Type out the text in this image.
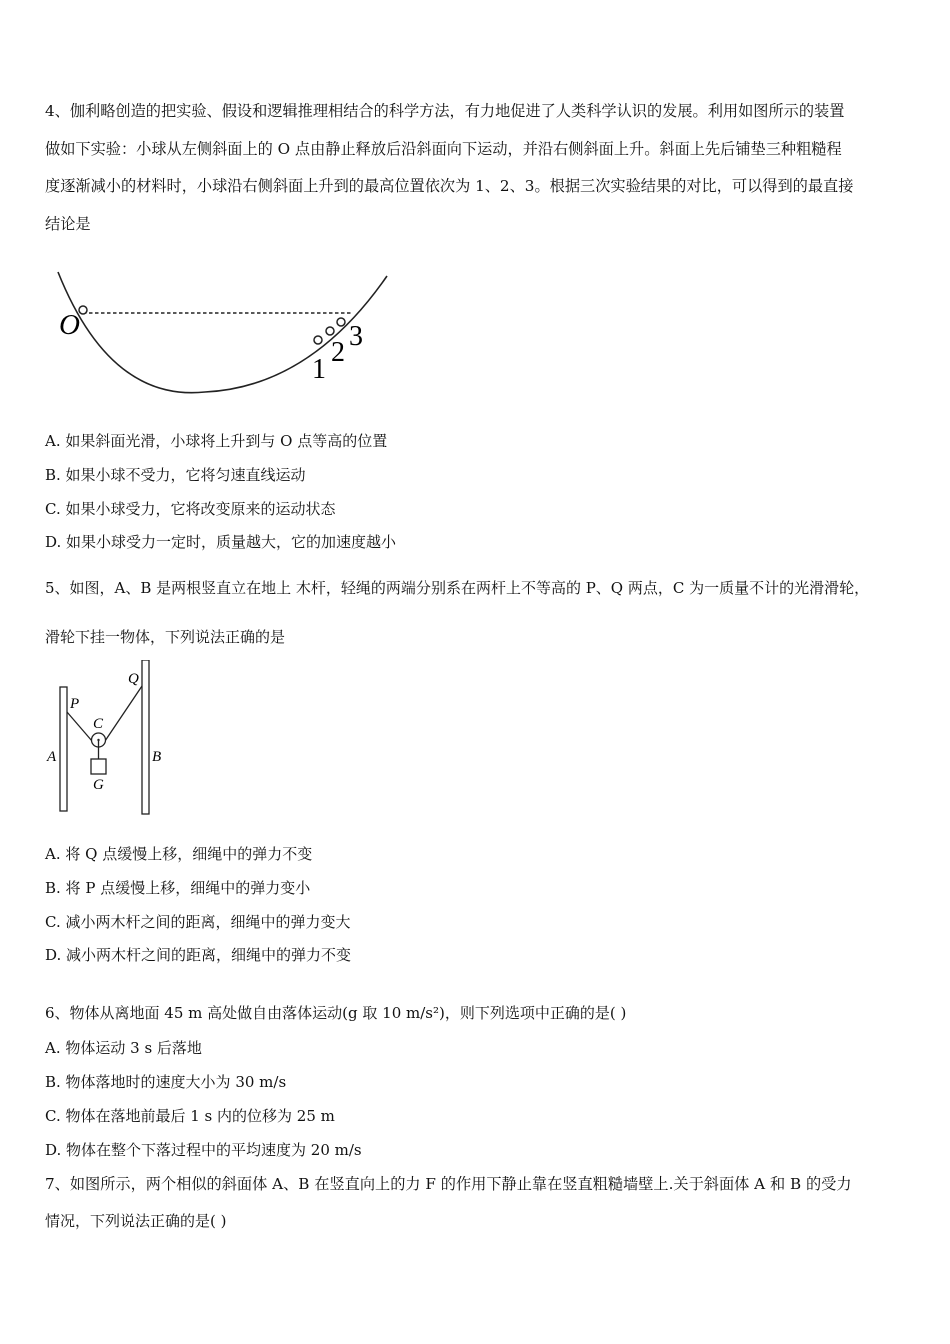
4、伽利略创造的把实验、假设和逻辑推理相结合的科学方法，有力地促进了人类科学认识的发展。利用如图所示的装置

做如下实验：小球从左侧斜面上的 O 点由静止释放后沿斜面向下运动，并沿右侧斜面上升。斜面上先后铺垫三种粗糙程

度逐渐减小的材料时，小球沿右侧斜面上升到的最高位置依次为 1、2、3。根据三次实验结果的对比，可以得到的最直接

结论是

O
1
2
3
A. 如果斜面光滑，小球将上升到与 O 点等高的位置
B. 如果小球不受力，它将匀速直线运动
C. 如果小球受力，它将改变原来的运动状态
D. 如果小球受力一定时，质量越大，它的加速度越小
5、如图，A、B 是两根竖直立在地上 木杆，轻绳的两端分别系在两杆上不等高的 P、Q 两点，C 为一质量不计的光滑滑轮，
滑轮下挂一物体，下列说法正确的是
P
Q
C
A	B
G
A. 将 Q 点缓慢上移，细绳中的弹力不变
B. 将 P 点缓慢上移，细绳中的弹力变小
C. 减小两木杆之间的距离，细绳中的弹力变大
D. 减小两木杆之间的距离，细绳中的弹力不变
6、物体从离地面 45 m 高处做自由落体运动(g 取 10 m/s²)，则下列选项中正确的是( )
A. 物体运动 3 s 后落地
B. 物体落地时的速度大小为 30 m/s
C. 物体在落地前最后 1 s 内的位移为 25 m
D. 物体在整个下落过程中的平均速度为 20 m/s
7、如图所示，两个相似的斜面体 A、B 在竖直向上的力 F 的作用下静止靠在竖直粗糙墙壁上.关于斜面体 A 和 B 的受力
情况，下列说法正确的是( )
